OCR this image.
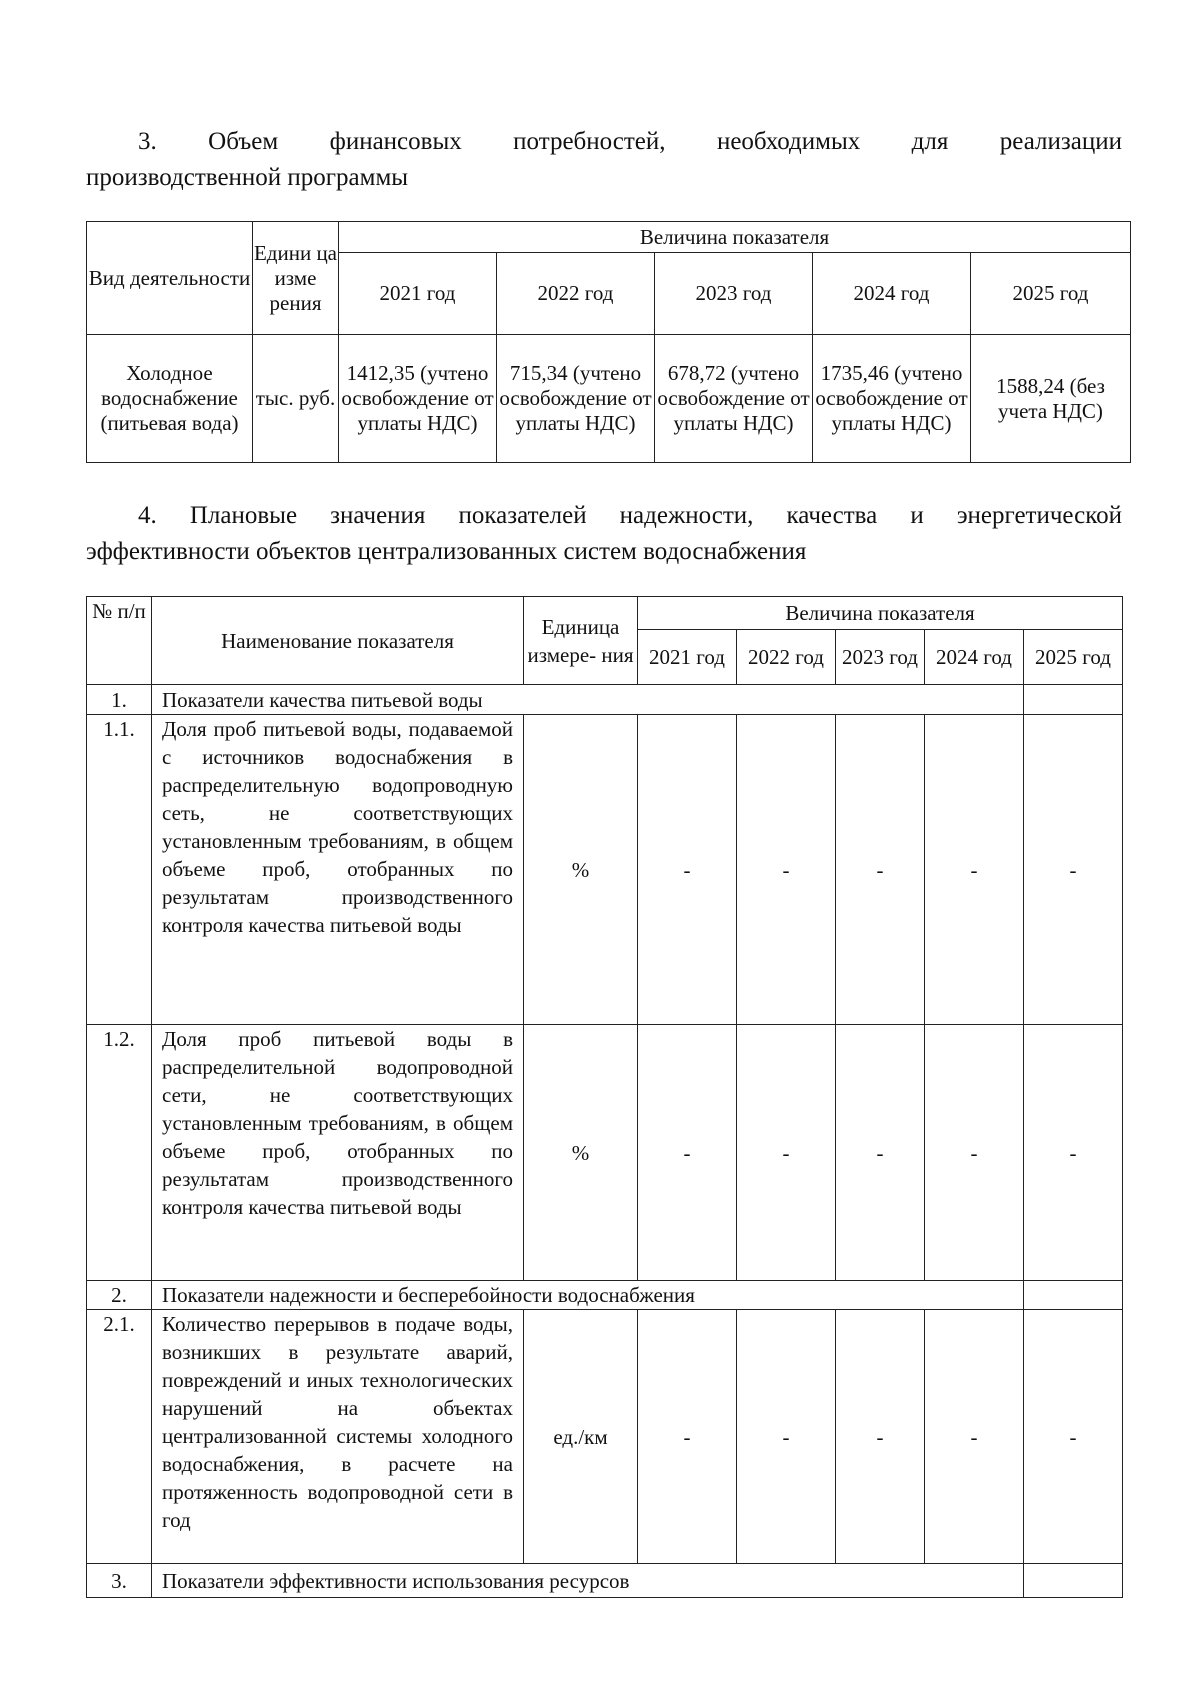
3. Объем финансовых потребностей, необходимых для реализации
производственной программы

Вид деятельности	Едини ца изме рения	Величина показателя				
		2021 год	2022 год	2023 год	2024 год	2025 год
Холодное водоснабжение (питьевая вода)	тыс. руб.	1412,35 (учтено освобождение от уплаты НДС)	715,34 (учтено освобождение от уплаты НДС)	678,72 (учтено освобождение от уплаты НДС)	1735,46 (учтено освобождение от уплаты НДС)	1588,24 (без учета НДС)

4. Плановые значения показателей надежности, качества и энергетической
эффективности объектов централизованных систем водоснабжения

№ п/п	Наименование показателя	Единица измере- ния	Величина показателя				
			2021 год	2022 год	2023 год	2024 год	2025 год
1.	Показатели качества питьевой воды						
1.1.	Доля проб питьевой воды, подаваемой с источников водоснабжения в распределительную водопроводную сеть, не соответствующих установленным требованиям, в общем объеме проб, отобранных по результатам производственного контроля качества питьевой воды	%	-	-	-	-	-
1.2.	Доля проб питьевой воды в распределительной водопроводной сети, не соответствующих установленным требованиям, в общем объеме проб, отобранных по результатам производственного контроля качества питьевой воды	%	-	-	-	-	-
2.	Показатели надежности и бесперебойности водоснабжения						
2.1.	Количество перерывов в подаче воды, возникших в результате аварий, повреждений и иных технологических нарушений на объектах централизованной системы холодного водоснабжения, в расчете на протяженность водопроводной сети в год	ед./км	-	-	-	-	-
3.	Показатели эффективности использования ресурсов						
